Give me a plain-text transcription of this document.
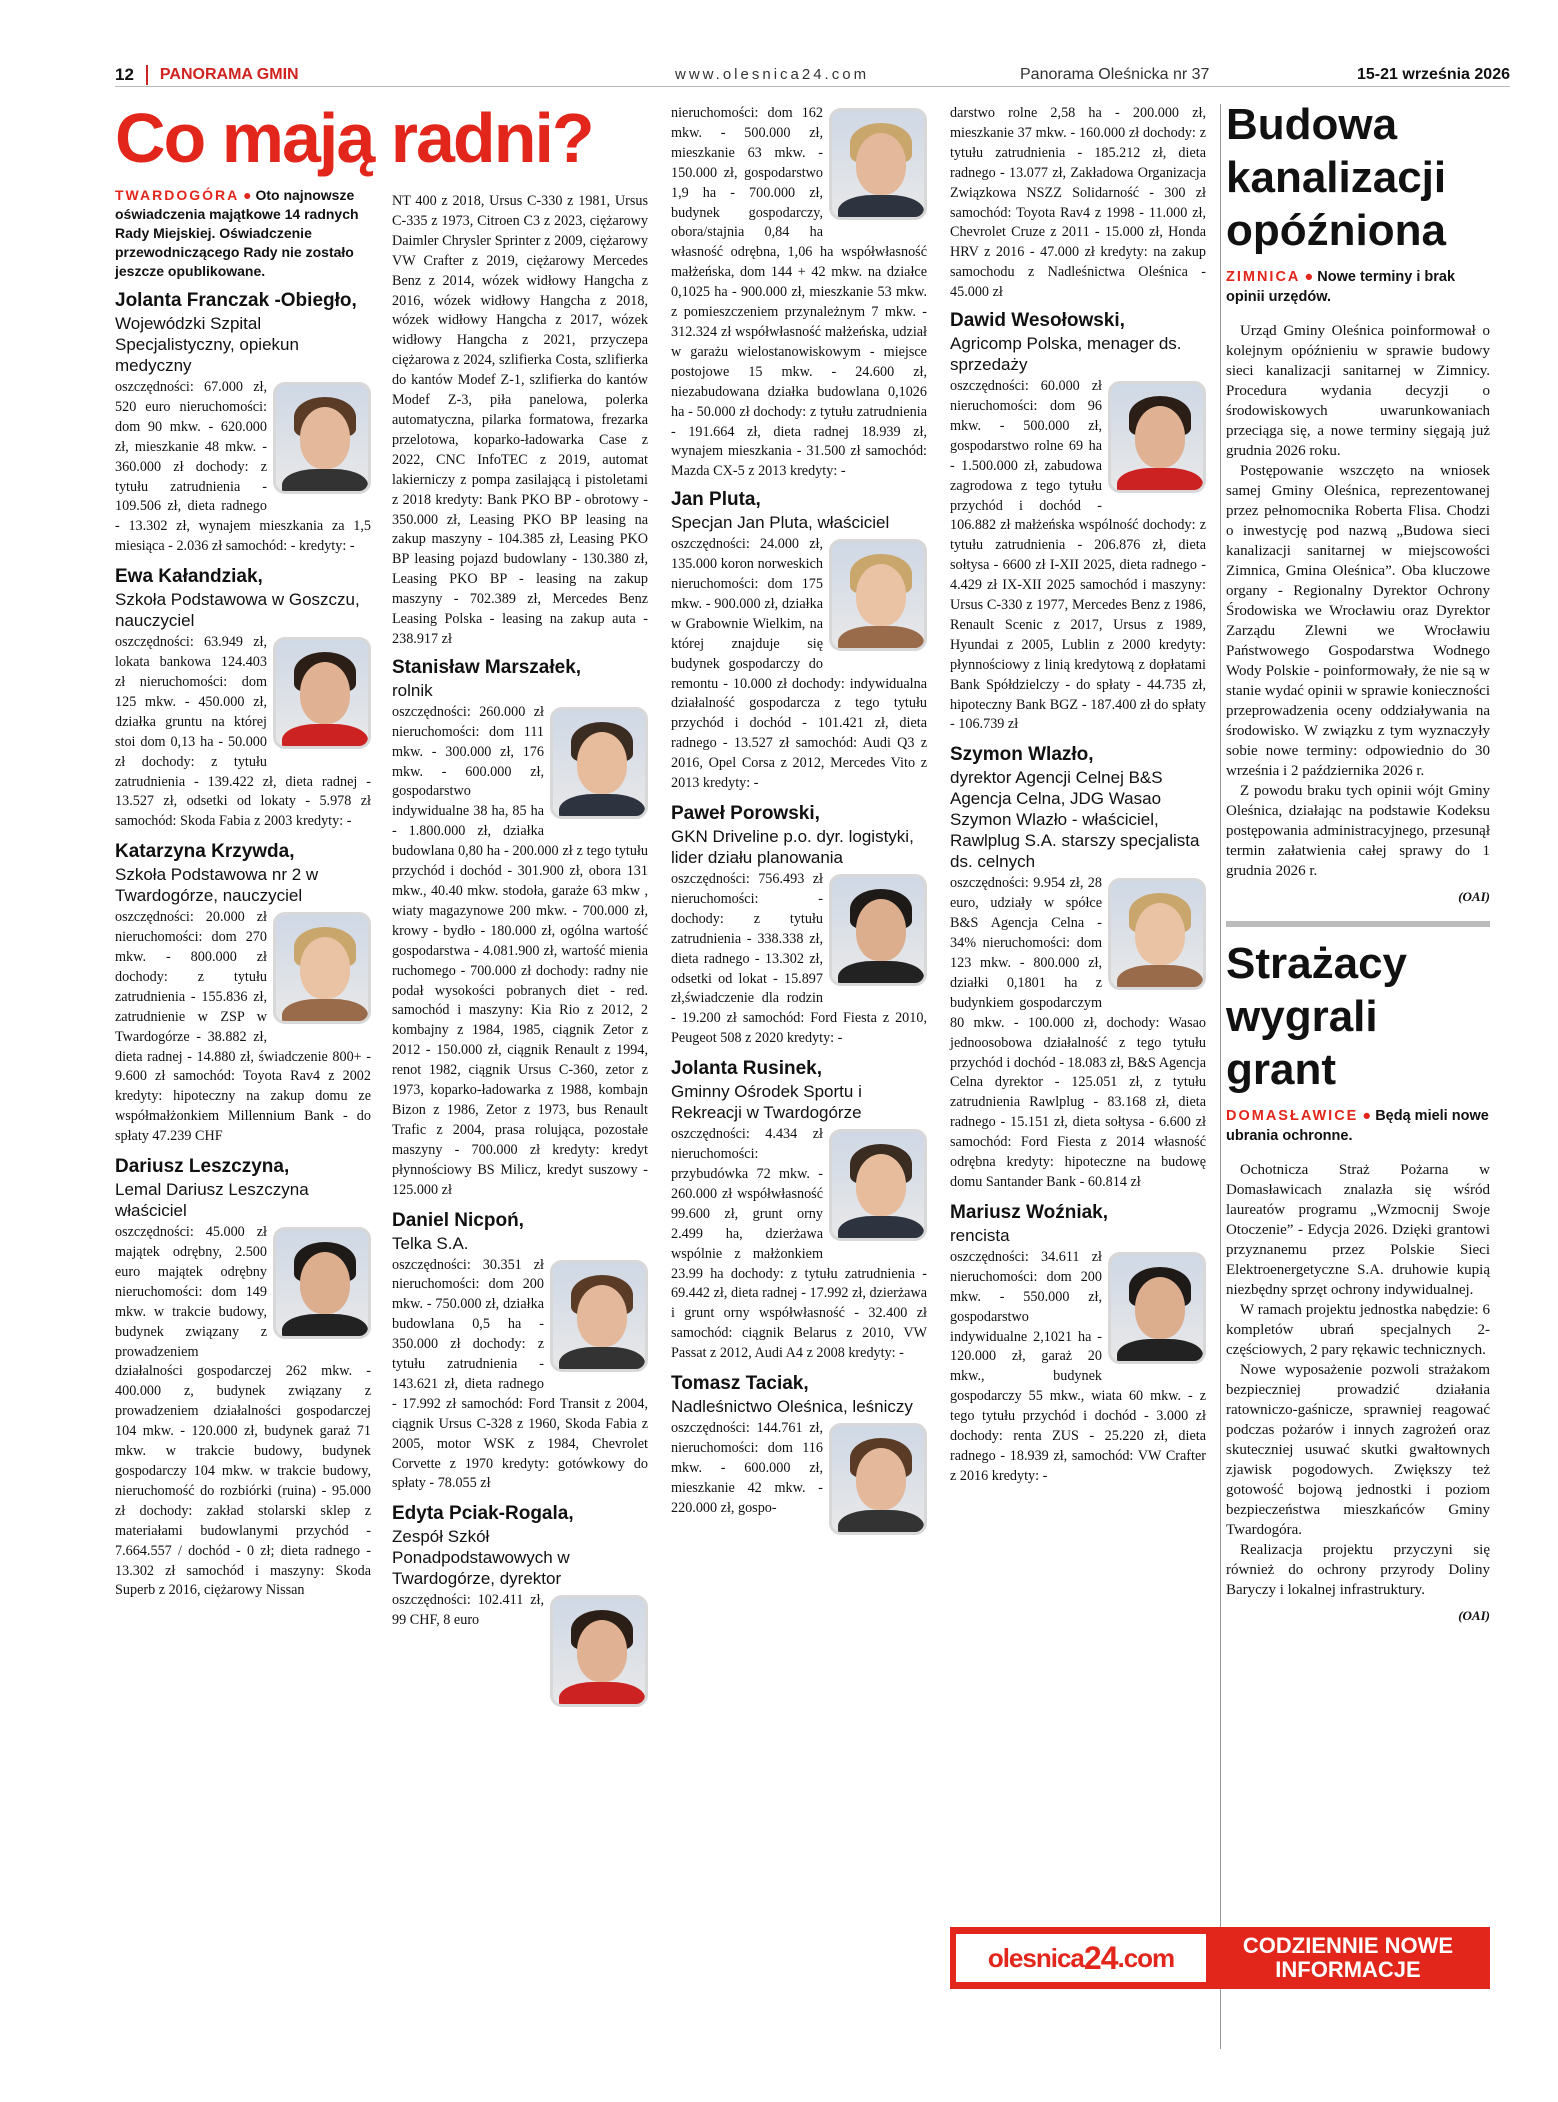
12	PANORAMA GMIN	www.olesnica24.com	Panorama Oleśnicka nr 37	15-21 września 2026
Co mają radni?
TWARDOGÓRA ● Oto najnowsze oświadczenia majątkowe 14 radnych Rady Miejskiej. Oświadczenie przewodniczącego Rady nie zostało jeszcze opublikowane.
Jolanta Franczak -Obiegło,
Wojewódzki Szpital Specjalistyczny, opiekun medyczny

oszczędności: 67.000 zł, 520 euro nieruchomości: dom 90 mkw. - 620.000 zł, mieszkanie 48 mkw. - 360.000 zł dochody: z tytułu zatrudnienia - 109.506 zł, dieta radnego - 13.302 zł, wynajem mieszkania za 1,5 miesiąca - 2.036 zł samochód: - kredyty: -

Ewa Kałandziak,
Szkoła Podstawowa w Goszczu, nauczyciel

oszczędności: 63.949 zł, lokata bankowa 124.403 zł nieruchomości: dom 125 mkw. - 450.000 zł, działka gruntu na której stoi dom 0,13 ha - 50.000 zł dochody: z tytułu zatrudnienia - 139.422 zł, dieta radnej - 13.527 zł, odsetki od lokaty - 5.978 zł samochód: Skoda Fabia z 2003 kredyty: -

Katarzyna Krzywda,
Szkoła Podstawowa nr 2 w Twardogórze, nauczyciel

oszczędności: 20.000 zł nieruchomości: dom 270 mkw. - 800.000 zł dochody: z tytułu zatrudnienia - 155.836 zł, zatrudnienie w ZSP w Twardogórze - 38.882 zł, dieta radnej - 14.880 zł, świadczenie 800+ - 9.600 zł samochód: Toyota Rav4 z 2002 kredyty: hipoteczny na zakup domu ze współmałżonkiem Millennium Bank - do spłaty 47.239 CHF

Dariusz Leszczyna,
Lemal Dariusz Leszczyna właściciel

oszczędności: 45.000 zł majątek odrębny, 2.500 euro majątek odrębny nieruchomości: dom 149 mkw. w trakcie budowy, budynek związany z prowadzeniem działalności gospodarczej 262 mkw. - 400.000 z, budynek związany z prowadzeniem działalności gospodarczej 104 mkw. - 120.000 zł, budynek garaż 71 mkw. w trakcie budowy, budynek gospodarczy 104 mkw. w trakcie budowy, nieruchomość do rozbiórki (ruina) - 95.000 zł dochody: zakład stolarski sklep z materiałami budowlanymi przychód - 7.664.557 / dochód - 0 zł; dieta radnego - 13.302 zł samochód i maszyny: Skoda Superb z 2016, ciężarowy Nissan

NT 400 z 2018, Ursus C-330 z 1981, Ursus C-335 z 1973, Citroen C3 z 2023, ciężarowy Daimler Chrysler Sprinter z 2009, ciężarowy VW Crafter z 2019, ciężarowy Mercedes Benz z 2014, wózek widłowy Hangcha z 2016, wózek widłowy Hangcha z 2018, wózek widłowy Hangcha z 2017, wózek widłowy Hangcha z 2021, przyczepa ciężarowa z 2024, szlifierka Costa, szlifierka do kantów Modef Z-1, szlifierka do kantów Modef Z-3, piła panelowa, polerka automatyczna, pilarka formatowa, frezarka przelotowa, koparko-ładowarka Case z 2022, CNC InfoTEC z 2019, automat lakierniczy z pompa zasilającą i pistoletami z 2018 kredyty: Bank PKO BP - obrotowy - 350.000 zł, Leasing PKO BP leasing na zakup maszyny - 104.385 zł, Leasing PKO BP leasing pojazd budowlany - 130.380 zł, Leasing PKO BP - leasing na zakup maszyny - 702.389 zł, Mercedes Benz Leasing Polska - leasing na zakup auta - 238.917 zł

Stanisław Marszałek,
rolnik

oszczędności: 260.000 zł nieruchomości: dom 111 mkw. - 300.000 zł, 176 mkw. - 600.000 zł, gospodarstwo indywidualne 38 ha, 85 ha - 1.800.000 zł, działka budowlana 0,80 ha - 200.000 zł z tego tytułu przychód i dochód - 301.900 zł, obora 131 mkw., 40.40 mkw. stodoła, garaże 63 mkw , wiaty magazynowe 200 mkw. - 700.000 zł, krowy - bydło - 180.000 zł, ogólna wartość gospodarstwa - 4.081.900 zł, wartość mienia ruchomego - 700.000 zł dochody: radny nie podał wysokości pobranych diet - red. samochód i maszyny: Kia Rio z 2012, 2 kombajny z 1984, 1985, ciągnik Zetor z 2012 - 150.000 zł, ciągnik Renault z 1994, renot 1982, ciągnik Ursus C-360, zetor z 1973, koparko-ładowarka z 1988, kombajn Bizon z 1986, Zetor z 1973, bus Renault Trafic z 2004, prasa rolująca, pozostałe maszyny - 700.000 zł kredyty: kredyt płynnościowy BS Milicz, kredyt suszowy - 125.000 zł

Daniel Nicpoń,
Telka S.A.

oszczędności: 30.351 zł nieruchomości: dom 200 mkw. - 750.000 zł, działka budowlana 0,5 ha - 350.000 zł dochody: z tytułu zatrudnienia - 143.621 zł, dieta radnego - 17.992 zł samochód: Ford Transit z 2004, ciągnik Ursus C-328 z 1960, Skoda Fabia z 2005, motor WSK z 1984, Chevrolet Corvette z 1970 kredyty: gotówkowy do spłaty - 78.055 zł

Edyta Pciak-Rogala,
Zespół Szkół Ponadpodstawowych w Twardogórze, dyrektor

oszczędności: 102.411 zł, 99 CHF, 8 euro

nieruchomości: dom 162 mkw. - 500.000 zł, mieszkanie 63 mkw. - 150.000 zł, gospodarstwo 1,9 ha - 700.000 zł, budynek gospodarczy, obora/stajnia 0,84 ha własność odrębna, 1,06 ha współwłasność małżeńska, dom 144 + 42 mkw. na działce 0,1025 ha - 900.000 zł, mieszkanie 53 mkw. z pomieszczeniem przynależnym 7 mkw. - 312.324 zł współwłasność małżeńska, udział w garażu wielostanowiskowym - miejsce postojowe 15 mkw. - 24.600 zł, niezabudowana działka budowlana 0,1026 ha - 50.000 zł dochody: z tytułu zatrudnienia - 191.664 zł, dieta radnej 18.939 zł, wynajem mieszkania - 31.500 zł samochód: Mazda CX-5 z 2013 kredyty: -

Jan Pluta,
Specjan Jan Pluta, właściciel

oszczędności: 24.000 zł, 135.000 koron norweskich nieruchomości: dom 175 mkw. - 900.000 zł, działka w Grabownie Wielkim, na której znajduje się budynek gospodarczy do remontu - 10.000 zł dochody: indywidualna działalność gospodarcza z tego tytułu przychód i dochód - 101.421 zł, dieta radnego - 13.527 zł samochód: Audi Q3 z 2016, Opel Corsa z 2012, Mercedes Vito z 2013 kredyty: -

Paweł Porowski,
GKN Driveline p.o. dyr. logistyki, lider działu planowania

oszczędności: 756.493 zł nieruchomości: - dochody: z tytułu zatrudnienia - 338.338 zł, dieta radnego - 13.302 zł, odsetki od lokat - 15.897 zł,świadczenie dla rodzin - 19.200 zł samochód: Ford Fiesta z 2010, Peugeot 508 z 2020 kredyty: -

Jolanta Rusinek,
Gminny Ośrodek Sportu i Rekreacji w Twardogórze

oszczędności: 4.434 zł nieruchomości: przybudówka 72 mkw. - 260.000 zł współwłasność 99.600 zł, grunt orny 2.499 ha, dzierżawa wspólnie z małżonkiem 23.99 ha dochody: z tytułu zatrudnienia - 69.442 zł, dieta radnej - 17.992 zł, dzierżawa i grunt orny współwłasność - 32.400 zł samochód: ciągnik Belarus z 2010, VW Passat z 2012, Audi A4 z 2008 kredyty: -

Tomasz Taciak,
Nadleśnictwo Oleśnica, leśniczy

oszczędności: 144.761 zł, nieruchomości: dom 116 mkw. - 600.000 zł, mieszkanie 42 mkw. - 220.000 zł, gospo-

darstwo rolne 2,58 ha - 200.000 zł, mieszkanie 37 mkw. - 160.000 zł dochody: z tytułu zatrudnienia - 185.212 zł, dieta radnego - 13.077 zł, Zakładowa Organizacja Związkowa NSZZ Solidarność - 300 zł samochód: Toyota Rav4 z 1998 - 11.000 zł, Chevrolet Cruze z 2011 - 15.000 zł, Honda HRV z 2016 - 47.000 zł kredyty: na zakup samochodu z Nadleśnictwa Oleśnica - 45.000 zł

Dawid Wesołowski,
Agricomp Polska, menager ds. sprzedaży

oszczędności: 60.000 zł nieruchomości: dom 96 mkw. - 500.000 zł, gospodarstwo rolne 69 ha - 1.500.000 zł, zabudowa zagrodowa z tego tytułu przychód i dochód - 106.882 zł małżeńska wspólność dochody: z tytułu zatrudnienia - 206.876 zł, dieta sołtysa - 6600 zł I-XII 2025, dieta radnego - 4.429 zł IX-XII 2025 samochód i maszyny: Ursus C-330 z 1977, Mercedes Benz z 1986, Renault Scenic z 2017, Ursus z 1989, Hyundai z 2005, Lublin z 2000 kredyty: płynnościowy z linią kredytową z dopłatami Bank Spółdzielczy - do spłaty - 44.735 zł, hipoteczny Bank BGZ - 187.400 zł do spłaty - 106.739 zł

Szymon Wlazło,
dyrektor Agencji Celnej B&S Agencja Celna, JDG Wasao Szymon Wlazło - właściciel, Rawlplug S.A. starszy specjalista ds. celnych

oszczędności: 9.954 zł, 28 euro, udziały w spółce B&S Agencja Celna - 34% nieruchomości: dom 123 mkw. - 800.000 zł, działki 0,1801 ha z budynkiem gospodarczym 80 mkw. - 100.000 zł, dochody: Wasao jednoosobowa działalność z tego tytułu przychód i dochód - 18.083 zł, B&S Agencja Celna dyrektor - 125.051 zł, z tytułu zatrudnienia Rawlplug - 83.168 zł, dieta radnego - 15.151 zł, dieta sołtysa - 6.600 zł samochód: Ford Fiesta z 2014 własność odrębna kredyty: hipoteczne na budowę domu Santander Bank - 60.814 zł

Mariusz Woźniak,
rencista

oszczędności: 34.611 zł nieruchomości: dom 200 mkw. - 550.000 zł, gospodarstwo indywidualne 2,1021 ha - 120.000 zł, garaż 20 mkw., budynek gospodarczy 55 mkw., wiata 60 mkw. - z tego tytułu przychód i dochód - 3.000 zł dochody: renta ZUS - 25.220 zł, dieta radnego - 18.939 zł, samochód: VW Crafter z 2016 kredyty: -

Budowa kanalizacji opóźniona
ZIMNICA ● Nowe terminy i brak opinii urzędów.

Urząd Gminy Oleśnica poinformował o kolejnym opóźnieniu w sprawie budowy sieci kanalizacji sanitarnej w Zimnicy. Procedura wydania decyzji o środowiskowych uwarunkowaniach przeciąga się, a nowe terminy sięgają już grudnia 2026 roku.

Postępowanie wszczęto na wniosek samej Gminy Oleśnica, reprezentowanej przez pełnomocnika Roberta Flisa. Chodzi o inwestycję pod nazwą „Budowa sieci kanalizacji sanitarnej w miejscowości Zimnica, Gmina Oleśnica”. Oba kluczowe organy - Regionalny Dyrektor Ochrony Środowiska we Wrocławiu oraz Dyrektor Zarządu Zlewni we Wrocławiu Państwowego Gospodarstwa Wodnego Wody Polskie - poinformowały, że nie są w stanie wydać opinii w sprawie konieczności przeprowadzenia oceny oddziaływania na środowisko. W związku z tym wyznaczyły sobie nowe terminy: odpowiednio do 30 września i 2 października 2026 r.

Z powodu braku tych opinii wójt Gminy Oleśnica, działając na podstawie Kodeksu postępowania administracyjnego, przesunął termin załatwienia całej sprawy do 1 grudnia 2026 r.

(OAI)
Strażacy wygrali grant
DOMASŁAWICE ● Będą mieli nowe ubrania ochronne.

Ochotnicza Straż Pożarna w Domasławicach znalazła się wśród laureatów programu „Wzmocnij Swoje Otoczenie” - Edycja 2026. Dzięki grantowi przyznanemu przez Polskie Sieci Elektroenergetyczne S.A. druhowie kupią niezbędny sprzęt ochrony indywidualnej.

W ramach projektu jednostka nabędzie: 6 kompletów ubrań specjalnych 2-częściowych, 2 pary rękawic technicznych.

Nowe wyposażenie pozwoli strażakom bezpieczniej prowadzić działania ratowniczo-gaśnicze, sprawniej reagować podczas pożarów i innych zagrożeń oraz skuteczniej usuwać skutki gwałtownych zjawisk pogodowych. Zwiększy też gotowość bojową jednostki i poziom bezpieczeństwa mieszkańców Gminy Twardogóra.

Realizacja projektu przyczyni się również do ochrony przyrody Doliny Baryczy i lokalnej infrastruktury.

(OAI)
olesnica 24 .com	CODZIENNIE NOWE INFORMACJE
